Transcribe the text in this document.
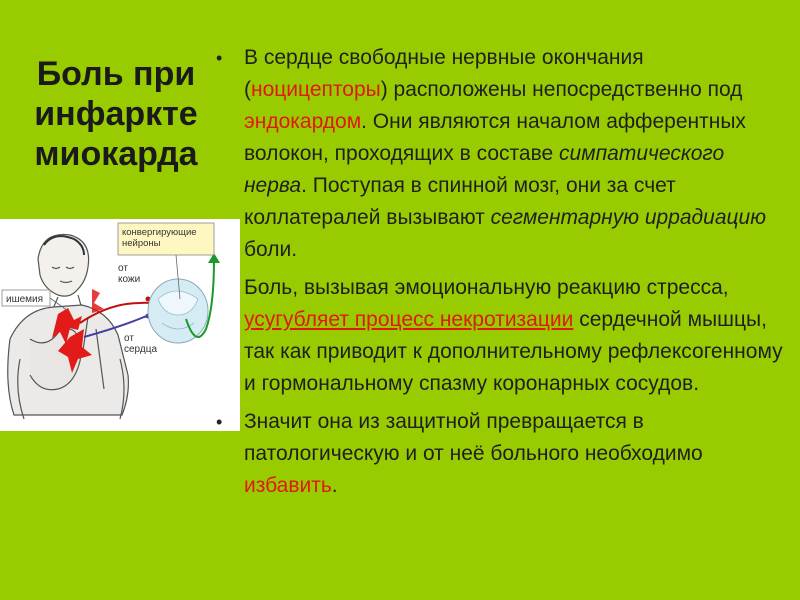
Боль при
инфаркте
миокарда
ишемия
конвергирующие нейроны
от кожи
от сердца
• В сердце свободные нервные окончания (ноцицепторы) расположены непосредственно под эндокардом. Они являются началом афферентных волокон, проходящих в составе симпатического нерва. Поступая в спинной мозг, они за счет коллатералей вызывают сегментарную иррадиацию боли.
Боль, вызывая эмоциональную реакцию стресса, усугубляет процесс некротизации сердечной мышцы, так как приводит к дополнительному рефлексогенному и гормональному спазму коронарных сосудов.
• Значит она из защитной превращается в патологическую и от неё больного необходимо избавить.
